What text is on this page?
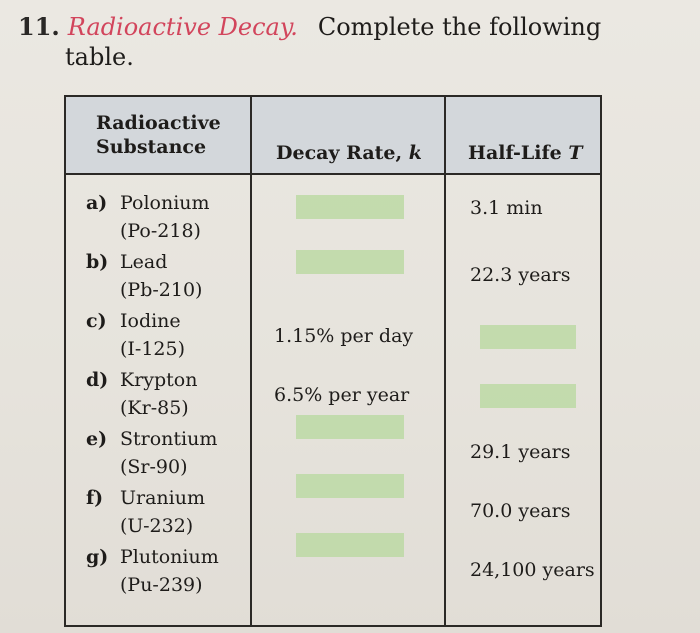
11. Radioactive Decay. Complete the following
table.
Radioactive
Substance	Decay Rate, k Half-Life T
a) Polonium
(Po-218)
3.1 min
b) Lead
(Pb-210)
22.3 years
c) Iodine
(I-125)
1.15% per day
d) Krypton
(Kr-85)
6.5% per year
e) Strontium
(Sr-90)
29.1 years
f) Uranium
(U-232)
70.0 years
g) Plutonium
(Pu-239)
24,100 years
